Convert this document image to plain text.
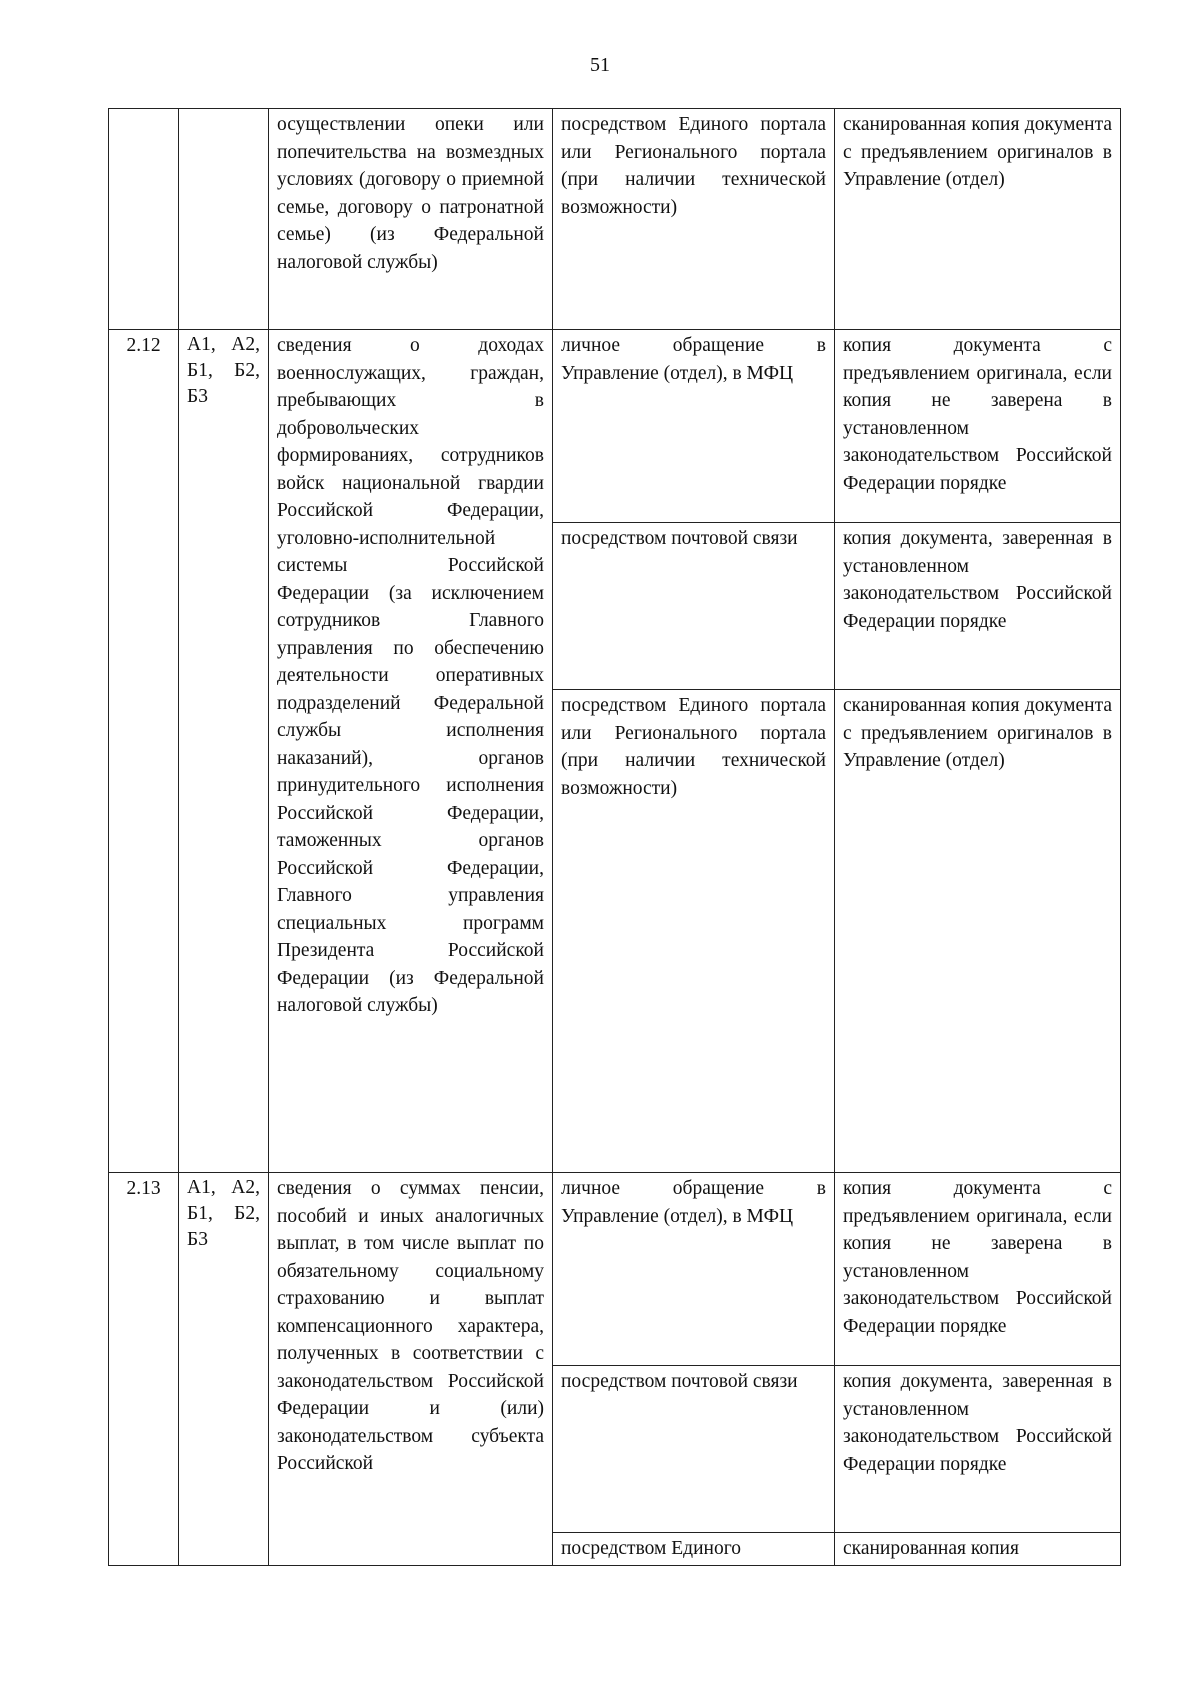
51
		осуществлении опеки или попечительства на возмездных условиях (договору о приемной семье, договору о патронатной семье) (из Федеральной налоговой службы)	посредством Единого портала или Регионального портала (при наличии технической возможности)	сканированная копия документа с предъявлением оригиналов в Управление (отдел)
2.12	А1, А2, Б1, Б2, Б3	сведения о доходах военнослужащих, граждан, пребывающих в добровольческих формированиях, сотрудников войск национальной гвардии Российской Федерации, уголовно-исполнительной системы Российской Федерации (за исключением сотрудников Главного управления по обеспечению деятельности оперативных подразделений Федеральной службы исполнения наказаний), органов принудительного исполнения Российской Федерации, таможенных органов Российской Федерации, Главного управления специальных программ Президента Российской Федерации (из Федеральной налоговой службы)	личное обращение в Управление (отдел), в МФЦ	копия документа с предъявлением оригинала, если копия не заверена в установленном законодательством Российской Федерации порядке
			посредством почтовой связи	копия документа, заверенная в установленном законодательством Российской Федерации порядке
			посредством Единого портала или Регионального портала (при наличии технической возможности)	сканированная копия документа с предъявлением оригиналов в Управление (отдел)
2.13	А1, А2, Б1, Б2, Б3	сведения о суммах пенсии, пособий и иных аналогичных выплат, в том числе выплат по обязательному социальному страхованию и выплат компенсационного характера, полученных в соответствии с законодательством Российской Федерации и (или) законодательством субъекта Российской	личное обращение в Управление (отдел), в МФЦ	копия документа с предъявлением оригинала, если копия не заверена в установленном законодательством Российской Федерации порядке
			посредством почтовой связи	копия документа, заверенная в установленном законодательством Российской Федерации порядке
			посредством Единого	сканированная копия
